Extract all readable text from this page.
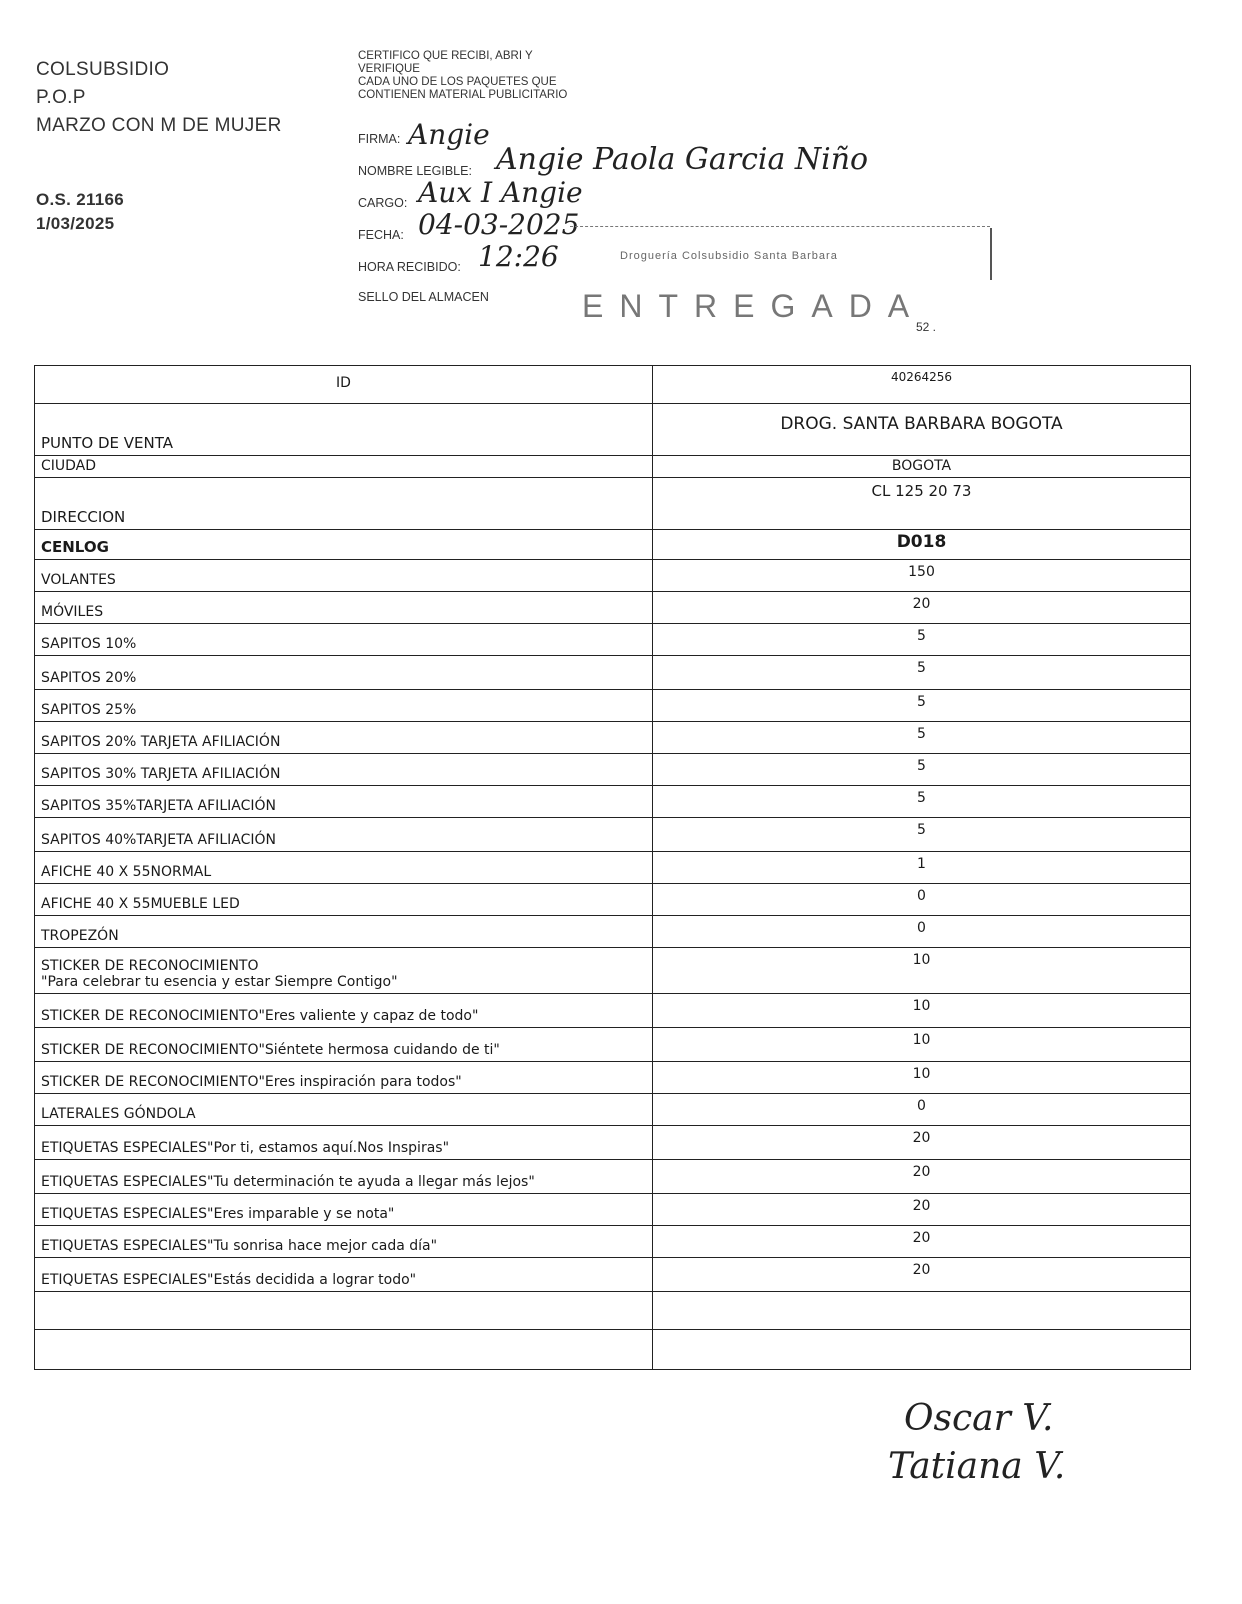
COLSUBSIDIO
P.O.P
MARZO CON M DE MUJER
O.S. 21166
1/03/2025
CERTIFICO QUE RECIBI, ABRI Y
VERIFIQUE
CADA UNO DE LOS PAQUETES QUE
CONTIENEN MATERIAL PUBLICITARIO
FIRMA: Angie
NOMBRE LEGIBLE: Angie Paola Garcia Niño
CARGO: Aux I Angie
FECHA: 04-03-2025
HORA RECIBIDO: 12:26
SELLO DEL ALMACEN
Droguería Colsubsidio Santa Barbara
ENTREGADA
52 .
ID	40264256
PUNTO DE VENTA	DROG. SANTA BARBARA BOGOTA
CIUDAD	BOGOTA
DIRECCION	CL 125 20 73
CENLOG	D018
VOLANTES	150
MÓVILES	20
SAPITOS 10%	5
SAPITOS 20%	5
SAPITOS 25%	5
SAPITOS 20% TARJETA AFILIACIÓN	5
SAPITOS 30% TARJETA AFILIACIÓN	5
SAPITOS 35%TARJETA AFILIACIÓN	5
SAPITOS 40%TARJETA AFILIACIÓN	5
AFICHE 40 X 55NORMAL	1
AFICHE 40 X 55MUEBLE LED	0
TROPEZÓN	0
STICKER DE RECONOCIMIENTO
"Para celebrar tu esencia y estar Siempre Contigo"	10
STICKER DE RECONOCIMIENTO"Eres valiente y capaz de todo"	10
STICKER DE RECONOCIMIENTO"Siéntete hermosa cuidando de ti"	10
STICKER DE RECONOCIMIENTO"Eres inspiración para todos"	10
LATERALES GÓNDOLA	0
ETIQUETAS ESPECIALES"Por ti, estamos aquí.Nos Inspiras"	20
ETIQUETAS ESPECIALES"Tu determinación te ayuda a llegar más lejos"	20
ETIQUETAS ESPECIALES"Eres imparable y se nota"	20
ETIQUETAS ESPECIALES"Tu sonrisa hace mejor cada día"	20
ETIQUETAS ESPECIALES"Estás decidida a lograr todo"	20

Oscar V.
Tatiana V.
